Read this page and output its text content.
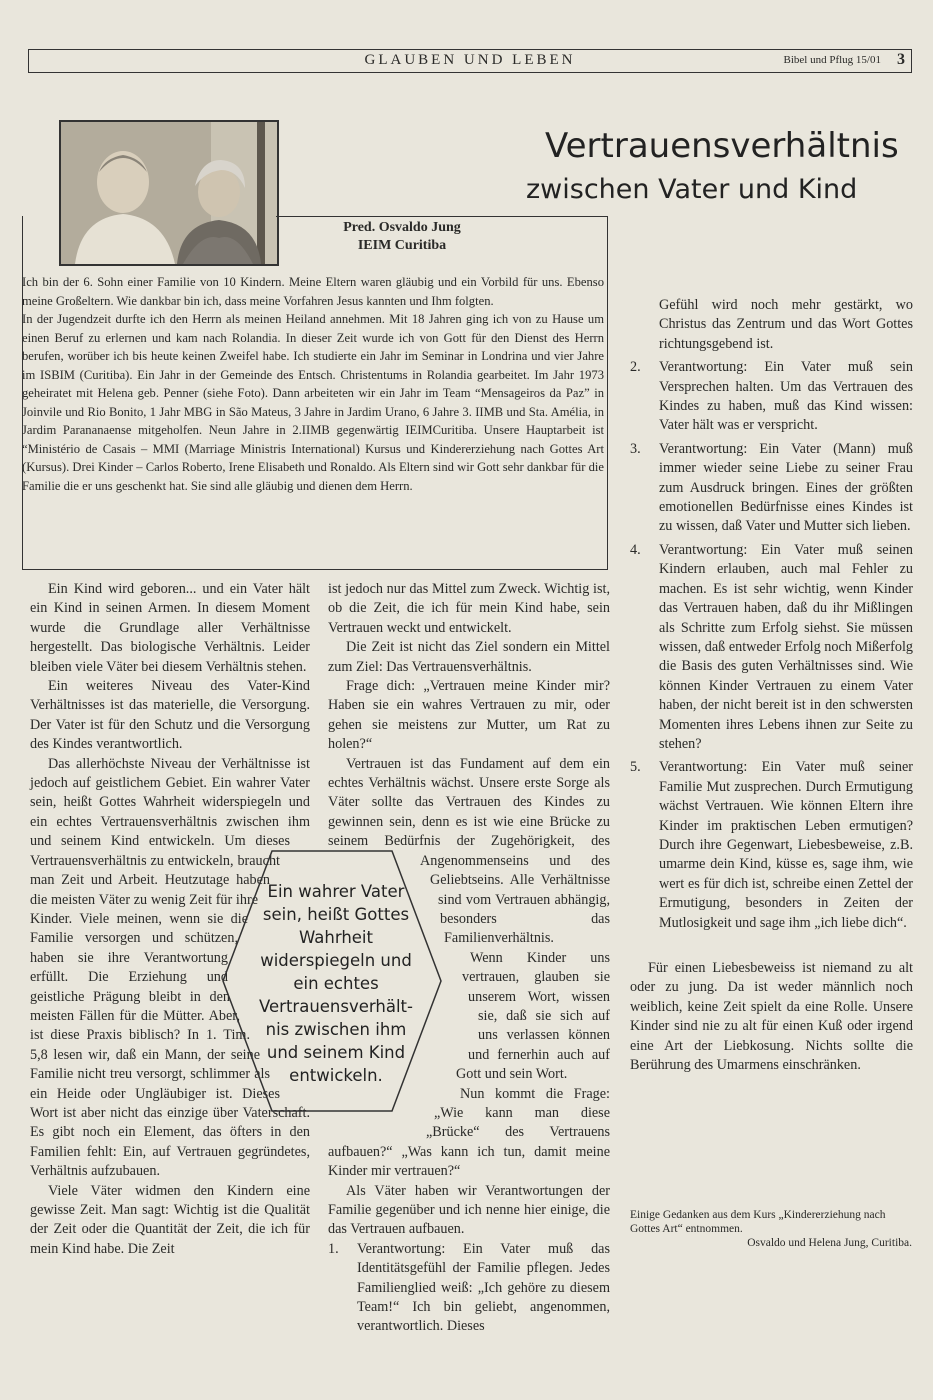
GLAUBEN UND LEBEN	Bibel und Pflug 15/01 3
Vertrauensverhältnis
zwischen Vater und Kind
Pred. Osvaldo Jung
IEIM Curitiba

Ich bin der 6. Sohn einer Familie von 10 Kindern. Meine Eltern waren gläubig und ein Vorbild für uns. Ebenso meine Großeltern. Wie dankbar bin ich, dass meine Vorfahren Jesus kannten und Ihm folgten.

In der Jugendzeit durfte ich den Herrn als meinen Heiland annehmen. Mit 18 Jahren ging ich von zu Hause um einen Beruf zu erlernen und kam nach Rolandia. In dieser Zeit wurde ich von Gott für den Dienst des Herrn berufen, worüber ich bis heute keinen Zweifel habe. Ich studierte ein Jahr im Seminar in Londrina und vier Jahre im ISBIM (Curitiba). Ein Jahr in der Gemeinde des Entsch. Christentums in Rolandia gearbeitet. Im Jahr 1973 geheiratet mit Helena geb. Penner (siehe Foto). Dann arbeiteten wir ein Jahr im Team “Mensageiros da Paz” in Joinvile und Rio Bonito, 1 Jahr MBG in São Mateus, 3 Jahre in Jardim Urano, 6 Jahre 3. IIMB und Sta. Amélia, in Jardim Parananaense mitgeholfen. Neun Jahre in 2.IIMB gegenwärtig IEIMCuritiba. Unsere Hauptarbeit ist “Ministério de Casais – MMI (Marriage Ministris International) Kursus und Kindererziehung nach Gottes Art (Kursus). Drei Kinder – Carlos Roberto, Irene Elisabeth und Ronaldo. Als Eltern sind wir Gott sehr dankbar für die Familie die er uns geschenkt hat. Sie sind alle gläubig und dienen dem Herrn.

Ein Kind wird geboren... und ein Vater hält ein Kind in seinen Armen. In diesem Moment wurde die Grundlage aller Verhältnisse hergestellt. Das biologische Verhältnis. Leider bleiben viele Väter bei diesem Verhältnis stehen.

Ein weiteres Niveau des Vater-Kind Verhältnisses ist das materielle, die Versorgung. Der Vater ist für den Schutz und die Versorgung des Kindes verantwortlich.

Das allerhöchste Niveau der Verhältnisse ist jedoch auf geistlichem Gebiet. Ein wahrer Vater sein, heißt Gottes Wahrheit widerspiegeln und ein echtes Vertrauensverhältnis zwischen ihm und seinem Kind entwickeln. Um dieses Vertrauensverhältnis zu entwickeln, braucht man Zeit und Arbeit. Heutzutage haben die meisten Väter zu wenig Zeit für ihre Kinder. Viele meinen, wenn sie die Familie versorgen und schützen, haben sie ihre Verantwortung erfüllt. Die Erziehung und geistliche Prägung bleibt in den meisten Fällen für die Mütter. Aber, ist diese Praxis biblisch? In 1. Tim. 5,8 lesen wir, daß ein Mann, der seine Familie nicht treu versorgt, schlimmer als ein Heide oder Ungläubiger ist. Dieses Wort ist aber nicht das einzige über Vaterschaft. Es gibt noch ein Element, das öfters in den Familien fehlt: Ein, auf Vertrauen gegründetes, Verhältnis aufzubauen.

Viele Väter widmen den Kindern eine gewisse Zeit. Man sagt: Wichtig ist die Qualität der Zeit oder die Quantität der Zeit, die ich für mein Kind habe. Die Zeit

ist jedoch nur das Mittel zum Zweck. Wichtig ist, ob die Zeit, die ich für mein Kind habe, sein Vertrauen weckt und entwickelt.

Die Zeit ist nicht das Ziel sondern ein Mittel zum Ziel: Das Vertrauensverhältnis.

Frage dich: „Vertrauen meine Kinder mir? Haben sie ein wahres Vertrauen zu mir, oder gehen sie meistens zur Mutter, um Rat zu holen?“

Vertrauen ist das Fundament auf dem ein echtes Verhältnis wächst. Unsere erste Sorge als Väter sollte das Vertrauen des Kindes zu gewinnen sein, denn es ist wie eine Brücke zu seinem Bedürfnis der Zugehörigkeit, des Angenommenseins und des Geliebtseins. Alle Verhältnisse sind vom Vertrauen abhängig, besonders das Familienverhältnis.

Wenn Kinder uns vertrauen, glauben sie unserem Wort, wissen sie, daß sie sich auf uns verlassen können und fernerhin auch auf Gott und sein Wort.

Nun kommt die Frage: „Wie kann man diese „Brücke“ des Vertrauens aufbauen?“ „Was kann ich tun, damit meine Kinder mir vertrauen?“

Als Väter haben wir Verantwortungen der Familie gegenüber und ich nenne hier einige, die das Vertrauen aufbauen.

1. Verantwortung: Ein Vater muß das Identitätsgefühl der Familie pflegen. Jedes Familienglied weiß: „Ich gehöre zu diesem Team!“ Ich bin geliebt, angenommen, verantwortlich. Dieses

Gefühl wird noch mehr gestärkt, wo Christus das Zentrum und das Wort Gottes richtungsgebend ist.

2. Verantwortung: Ein Vater muß sein Versprechen halten. Um das Vertrauen des Kindes zu haben, muß das Kind wissen: Vater hält was er verspricht.

3. Verantwortung: Ein Vater (Mann) muß immer wieder seine Liebe zu seiner Frau zum Ausdruck bringen. Eines der größten emotionellen Bedürfnisse eines Kindes ist zu wissen, daß Vater und Mutter sich lieben.

4. Verantwortung: Ein Vater muß seinen Kindern erlauben, auch mal Fehler zu machen. Es ist sehr wichtig, wenn Kinder das Vertrauen haben, daß du ihr Mißlingen als Schritte zum Erfolg siehst. Sie müssen wissen, daß entweder Erfolg noch Mißerfolg die Basis des guten Verhältnisses sind. Wie können Kinder Vertrauen zu einem Vater haben, der nicht bereit ist in den schwersten Momenten ihres Lebens ihnen zur Seite zu stehen?

5. Verantwortung: Ein Vater muß seiner Familie Mut zusprechen. Durch Ermutigung wächst Vertrauen. Wie können Eltern ihre Kinder im praktischen Leben ermutigen? Durch ihre Gegenwart, Liebesbeweise, z.B. umarme dein Kind, küsse es, sage ihm, wie wert es für dich ist, schreibe einen Zettel der Ermutigung, besonders in Zeiten der Mutlosigkeit und sage ihm „ich liebe dich“.

Für einen Liebesbeweiss ist niemand zu alt oder zu jung. Da ist weder männlich noch weiblich, keine Zeit spielt da eine Rolle. Unsere Kinder sind nie zu alt für einen Kuß oder irgend eine Art der Liebkosung. Nichts sollte die Berührung des Umarmens einschränken.

Ein wahrer Vater sein, heißt Gottes Wahrheit widerspiegeln und ein echtes Vertrauensverhält-nis zwischen ihm und seinem Kind entwickeln.
Einige Gedanken aus dem Kurs „Kindererziehung nach Gottes Art“ entnommen.
Osvaldo und Helena Jung, Curitiba.
